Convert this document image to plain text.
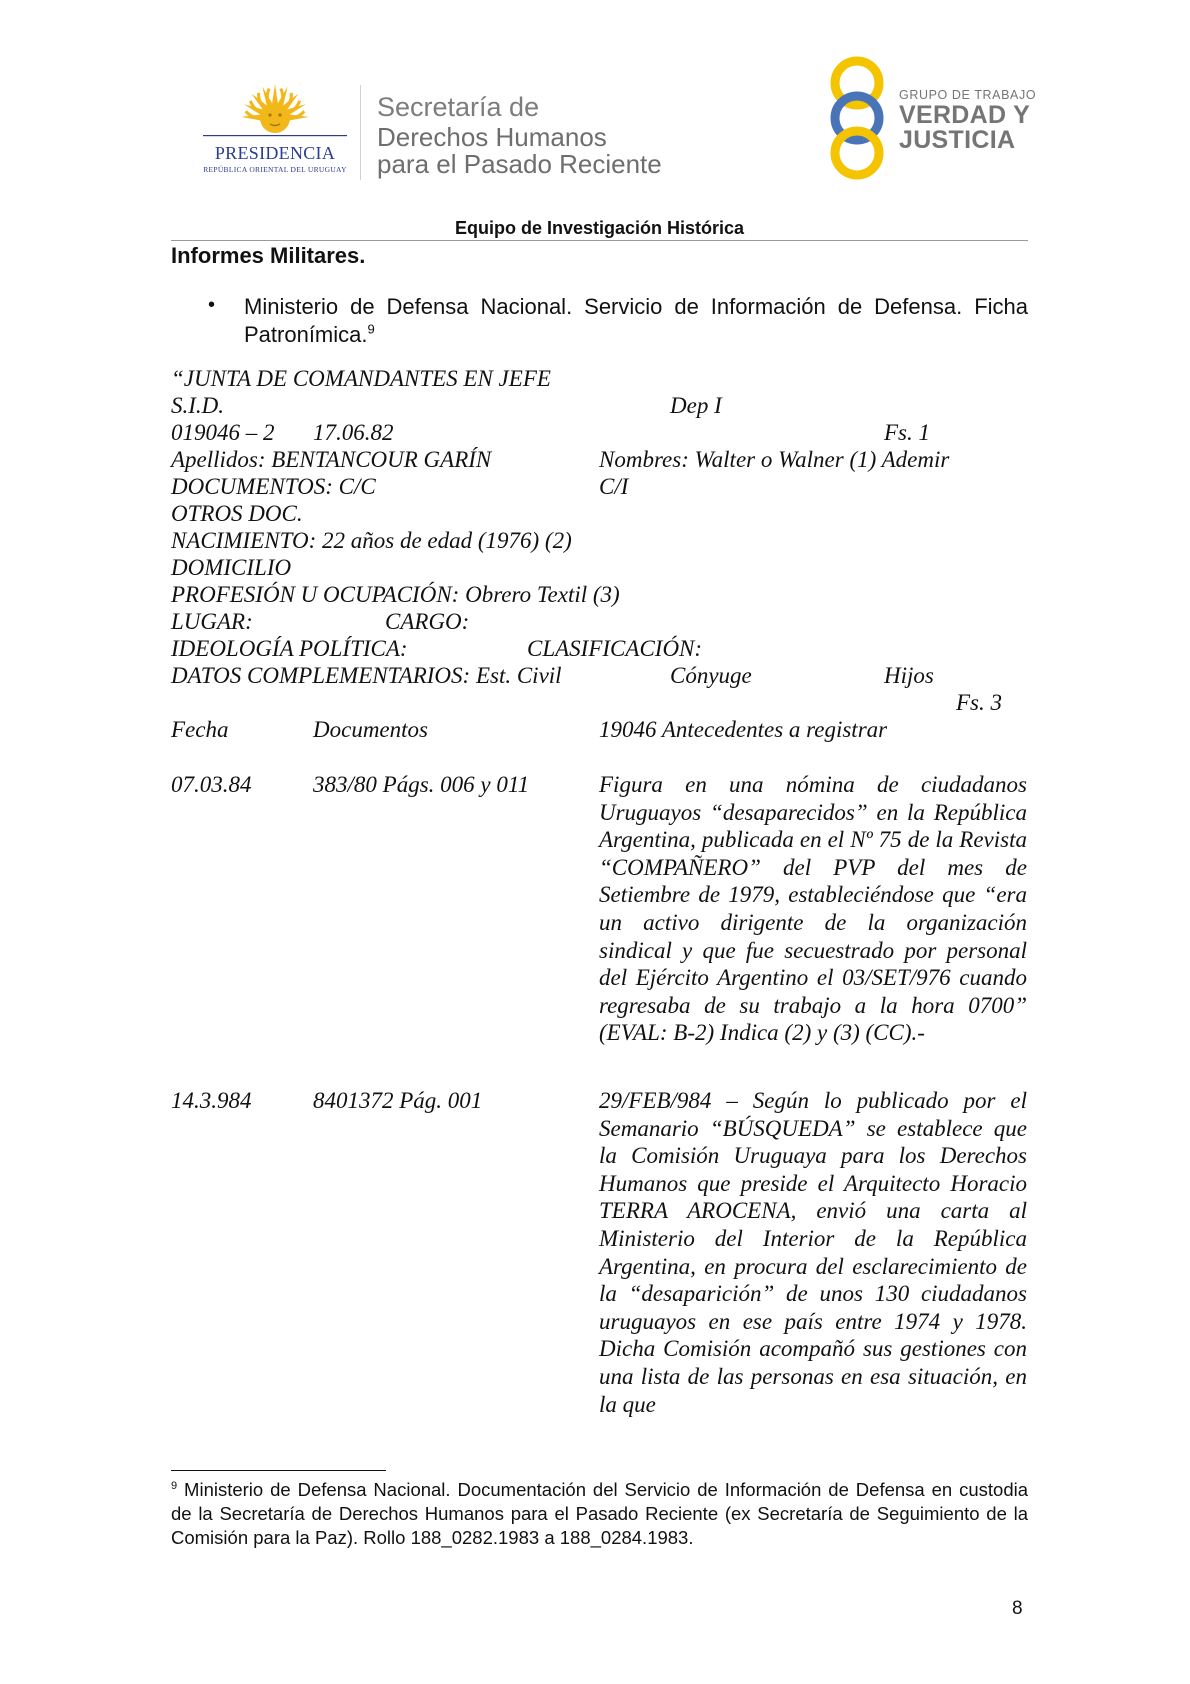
PRESIDENCIA
REPÚBLICA ORIENTAL DEL URUGUAY
Secretaría de
Derechos Humanos
para el Pasado Reciente
GRUPO DE TRABAJO
VERDAD Y
JUSTICIA
Equipo de Investigación Histórica
Informes Militares.
• Ministerio de Defensa Nacional. Servicio de Información de Defensa. Ficha Patronímica.$^9$
“JUNTA DE COMANDANTES EN JEFE
S.I.D.	Dep I
019046 – 2 17.06.82	Fs. 1
Apellidos: BENTANCOUR GARÍN	Nombres: Walter o Walner (1) Ademir
DOCUMENTOS: C/C	C/I
OTROS DOC.
NACIMIENTO: 22 años de edad (1976) (2)
DOMICILIO
PROFESIÓN U OCUPACIÓN: Obrero Textil (3)
LUGAR:	CARGO:
IDEOLOGÍA POLÍTICA:	CLASIFICACIÓN:
DATOS COMPLEMENTARIOS: Est. Civil	Cónyuge	Hijos
Fs. 3
Fecha	Documentos	19046 Antecedentes a registrar
07.03.84	383/80 Págs. 006 y 011	Figura en una nómina de ciudadanos Uruguayos “desaparecidos” en la República Argentina, publicada en el Nº 75 de la Revista “COMPAÑERO” del PVP del mes de Setiembre de 1979, estableciéndose que “era un activo dirigente de la organización sindical y que fue secuestrado por personal del Ejército Argentino el 03/SET/976 cuando regresaba de su trabajo a la hora 0700” (EVAL: B-2) Indica (2) y (3) (CC).-
14.3.984	8401372 Pág. 001	29/FEB/984 – Según lo publicado por el Semanario “BÚSQUEDA” se establece que la Comisión Uruguaya para los Derechos Humanos que preside el Arquitecto Horacio TERRA AROCENA, envió una carta al Ministerio del Interior de la República Argentina, en procura del esclarecimiento de la “desaparición” de unos 130 ciudadanos uruguayos en ese país entre 1974 y 1978. Dicha Comisión acompañó sus gestiones con una lista de las personas en esa situación, en la que
$^9$ Ministerio de Defensa Nacional. Documentación del Servicio de Información de Defensa en custodia de la Secretaría de Derechos Humanos para el Pasado Reciente (ex Secretaría de Seguimiento de la Comisión para la Paz). Rollo 188_0282.1983 a 188_0284.1983.
8
